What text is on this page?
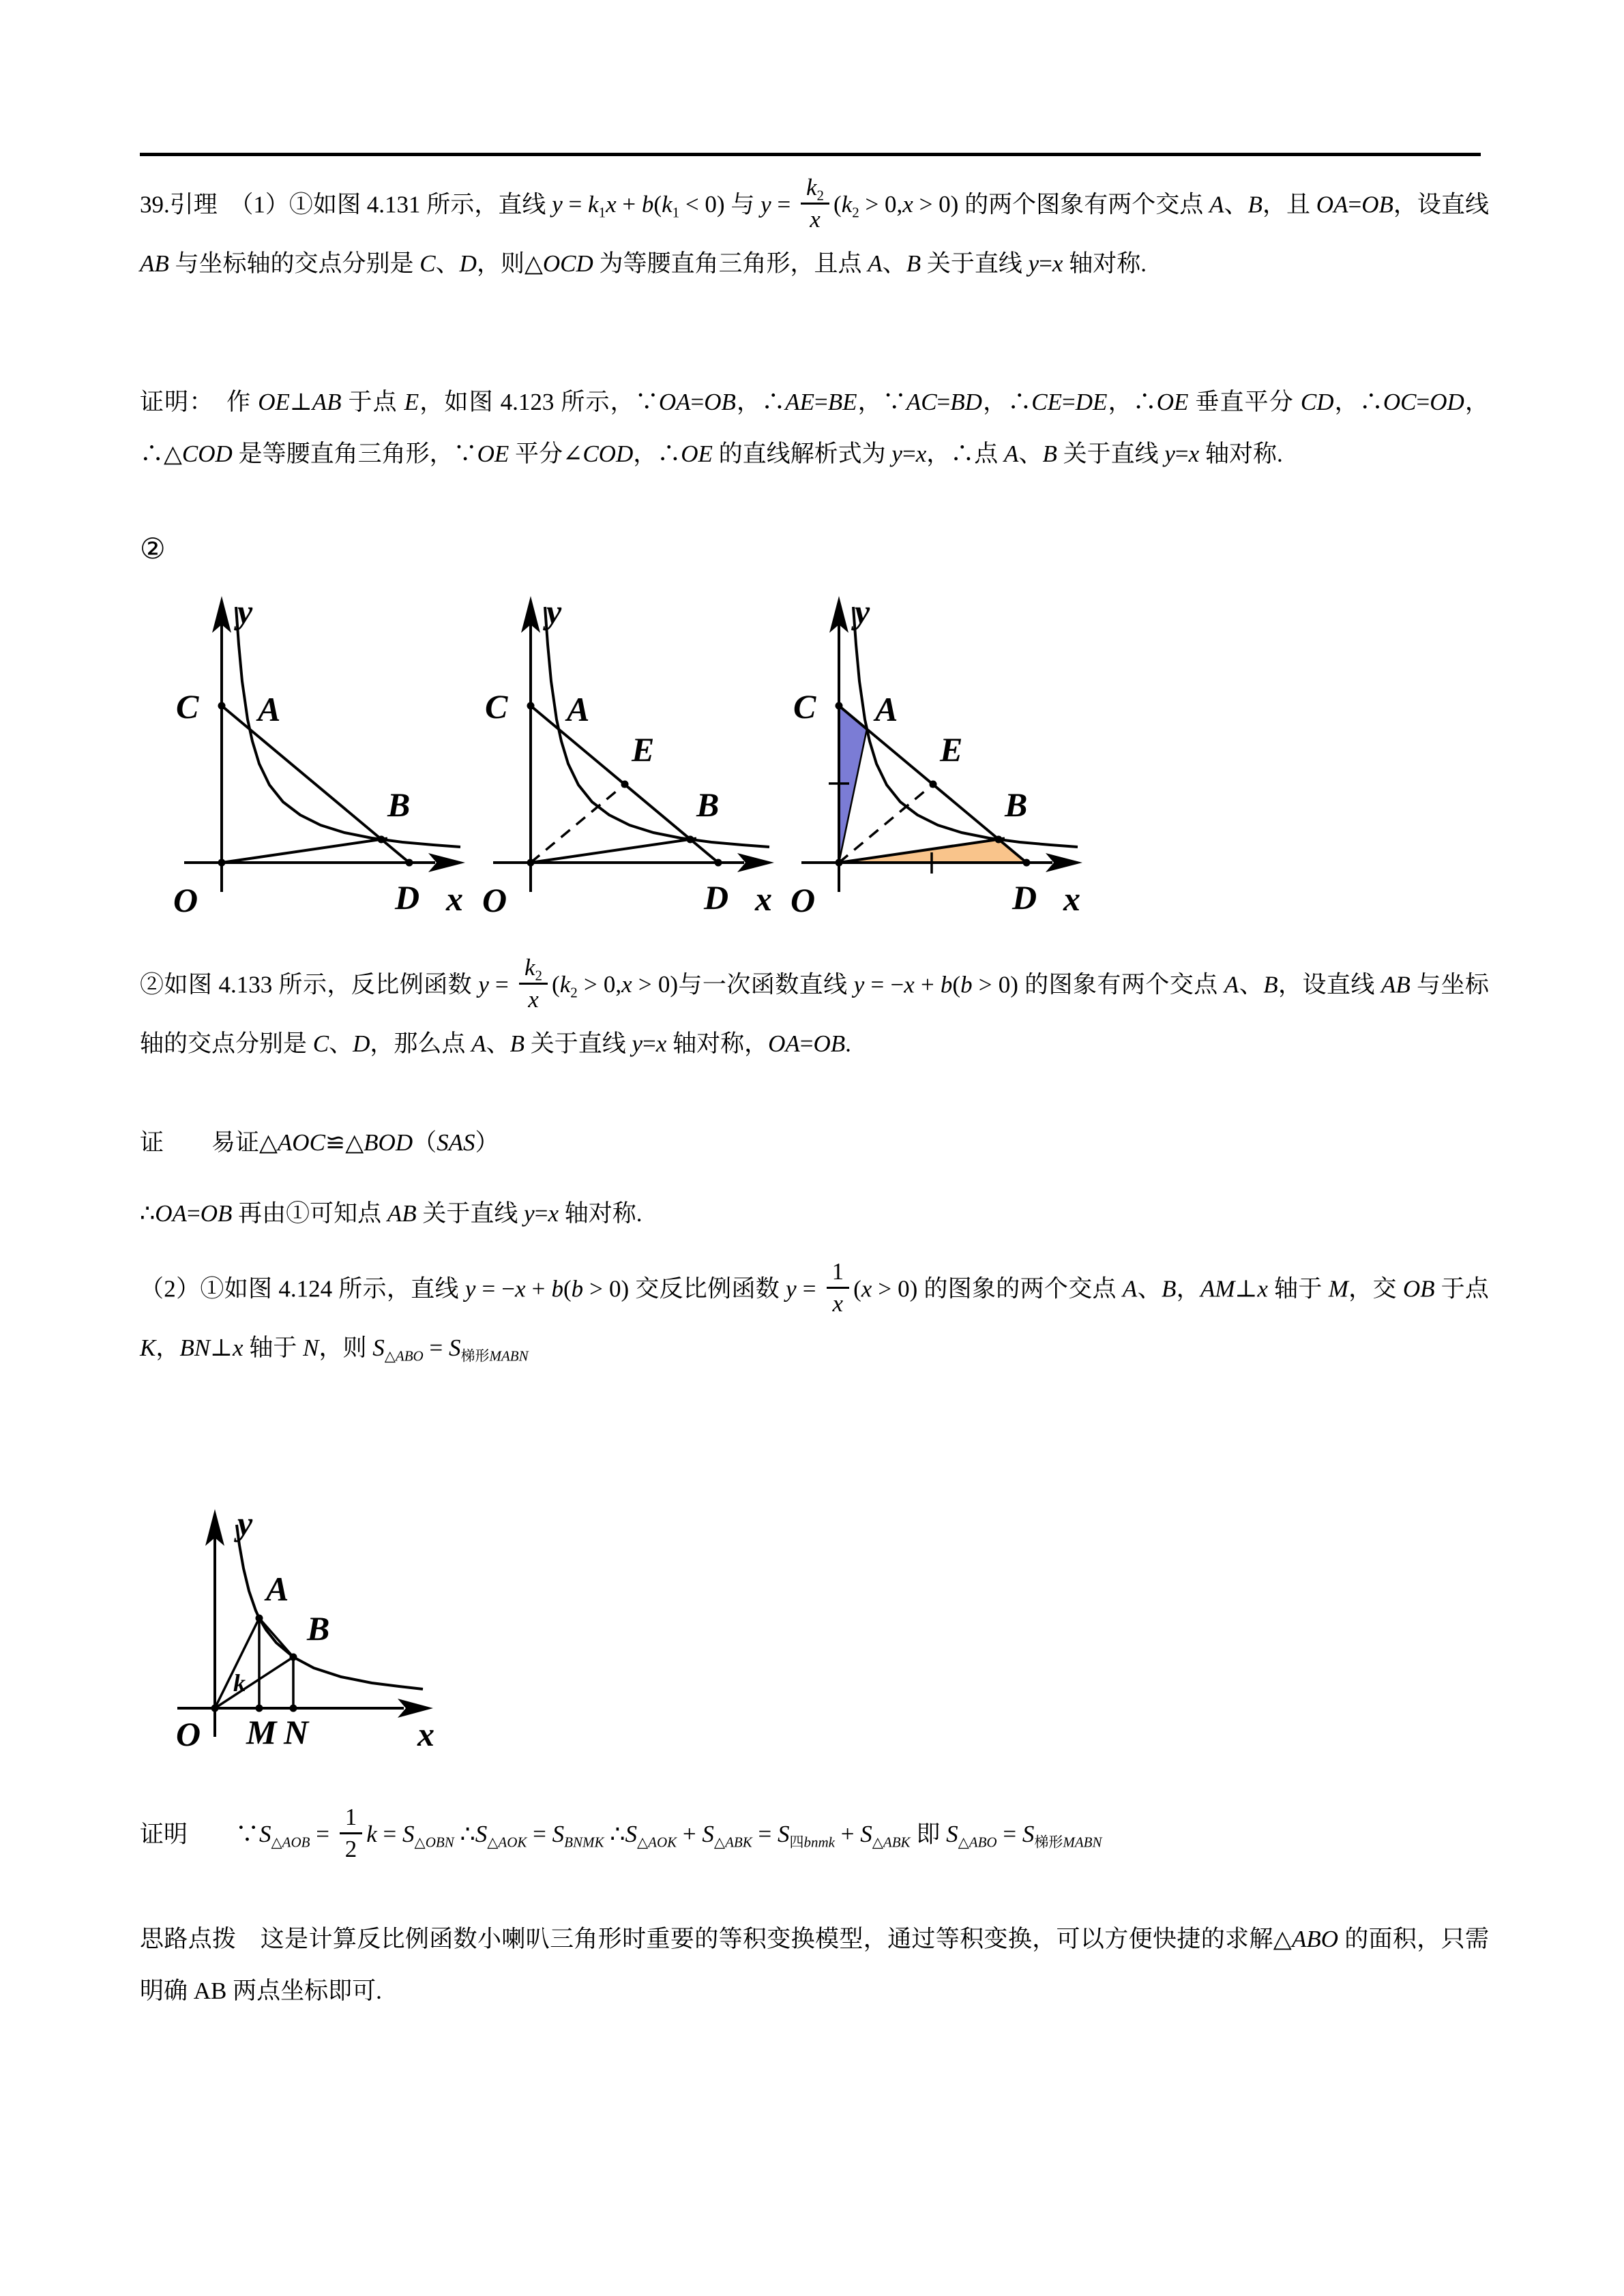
39.引理　（1）①如图 4.131 所示，直线 $y = k_1x + b(k_1 < 0)$ 与 $y = \frac{k_2}{x} (k_2 > 0,x > 0)$ 的两个图象有两个交点 A、B，且 OA=OB，设直线 AB 与坐标轴的交点分别是 C、D，则△OCD 为等腰直角三角形，且点 A、B 关于直线 y=x 轴对称.
证明：　作 OE⊥AB 于点 E，如图 4.123 所示，∵OA=OB，∴AE=BE，∵AC=BD，∴CE=DE，∴OE 垂直平分 CD，∴OC=OD，∴△COD 是等腰直角三角形，∵OE 平分∠COD，∴OE 的直线解析式为 y=x，∴点 A、B 关于直线 y=x 轴对称.
②
C A
B
D
O
y
x
C A
E
B
D
O
y
x
C A
E
B
D
O
y
x
②如图 4.133 所示，反比例函数 $y = \frac{k_2}{x} (k_2 > 0,x > 0)$与一次函数直线 y = −x + b(b > 0) 的图象有两个交点 A、B，设直线 AB 与坐标轴的交点分别是 C、D，那么点 A、B 关于直线 y=x 轴对称，OA=OB.
证　　易证△AOC≌△BOD（SAS）
∴OA=OB 再由①可知点 AB 关于直线 y=x 轴对称.
（2）①如图 4.124 所示，直线 y = −x + b(b > 0) 交反比例函数 $y = \frac{1}{x} (x > 0)$ 的图象的两个交点 A、B，AM⊥x 轴于 M，交 OB 于点 K，BN⊥x 轴于 N，则 $S_{\triangle ABO} = S_{梯形MABN}$
A
B
k
O M N
y
x
证明　　$\because S_{\triangle AOB} = \frac{1}{2}$ $k = S_{\triangle OBN}$ $\therefore S_{\triangle AOK} = S_{BNMK}$ $\therefore S_{\triangle AOK} + S_{\triangle ABK} = S_{四bnmk} + S_{\triangle ABK}$ 即 $S_{\triangle ABO} = S_{梯形MABN}$
思路点拨　这是计算反比例函数小喇叭三角形时重要的等积变换模型，通过等积变换，可以方便快捷的求解△ABO 的面积，只需明确 AB 两点坐标即可.
